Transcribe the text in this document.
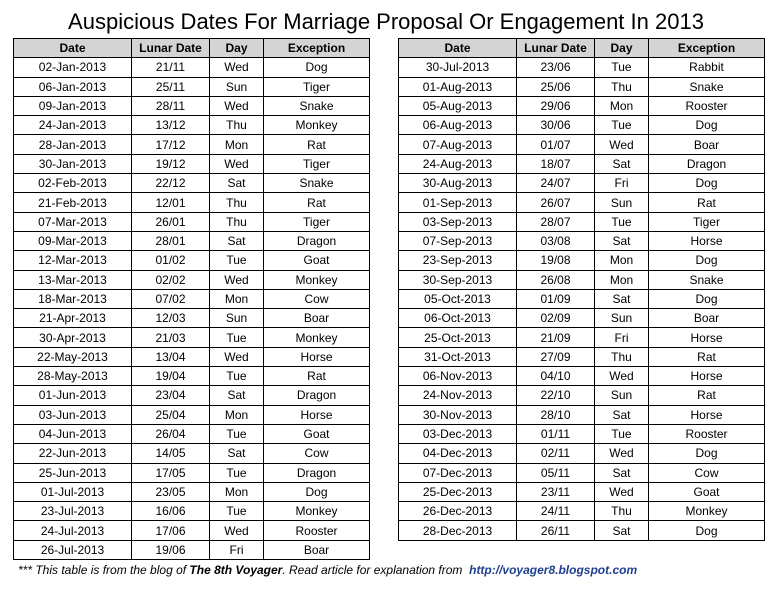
Auspicious Dates For Marriage Proposal Or Engagement In 2013
Date	Lunar Date	Day	Exception
02-Jan-2013	21/11	Wed	Dog
06-Jan-2013	25/11	Sun	Tiger
09-Jan-2013	28/11	Wed	Snake
24-Jan-2013	13/12	Thu	Monkey
28-Jan-2013	17/12	Mon	Rat
30-Jan-2013	19/12	Wed	Tiger
02-Feb-2013	22/12	Sat	Snake
21-Feb-2013	12/01	Thu	Rat
07-Mar-2013	26/01	Thu	Tiger
09-Mar-2013	28/01	Sat	Dragon
12-Mar-2013	01/02	Tue	Goat
13-Mar-2013	02/02	Wed	Monkey
18-Mar-2013	07/02	Mon	Cow
21-Apr-2013	12/03	Sun	Boar
30-Apr-2013	21/03	Tue	Monkey
22-May-2013	13/04	Wed	Horse
28-May-2013	19/04	Tue	Rat
01-Jun-2013	23/04	Sat	Dragon
03-Jun-2013	25/04	Mon	Horse
04-Jun-2013	26/04	Tue	Goat
22-Jun-2013	14/05	Sat	Cow
25-Jun-2013	17/05	Tue	Dragon
01-Jul-2013	23/05	Mon	Dog
23-Jul-2013	16/06	Tue	Monkey
24-Jul-2013	17/06	Wed	Rooster
26-Jul-2013	19/06	Fri	Boar
Date	Lunar Date	Day	Exception
30-Jul-2013	23/06	Tue	Rabbit
01-Aug-2013	25/06	Thu	Snake
05-Aug-2013	29/06	Mon	Rooster
06-Aug-2013	30/06	Tue	Dog
07-Aug-2013	01/07	Wed	Boar
24-Aug-2013	18/07	Sat	Dragon
30-Aug-2013	24/07	Fri	Dog
01-Sep-2013	26/07	Sun	Rat
03-Sep-2013	28/07	Tue	Tiger
07-Sep-2013	03/08	Sat	Horse
23-Sep-2013	19/08	Mon	Dog
30-Sep-2013	26/08	Mon	Snake
05-Oct-2013	01/09	Sat	Dog
06-Oct-2013	02/09	Sun	Boar
25-Oct-2013	21/09	Fri	Horse
31-Oct-2013	27/09	Thu	Rat
06-Nov-2013	04/10	Wed	Horse
24-Nov-2013	22/10	Sun	Rat
30-Nov-2013	28/10	Sat	Horse
03-Dec-2013	01/11	Tue	Rooster
04-Dec-2013	02/11	Wed	Dog
07-Dec-2013	05/11	Sat	Cow
25-Dec-2013	23/11	Wed	Goat
26-Dec-2013	24/11	Thu	Monkey
28-Dec-2013	26/11	Sat	Dog
*** This table is from the blog of The 8th Voyager. Read article for explanation from  http://voyager8.blogspot.com
